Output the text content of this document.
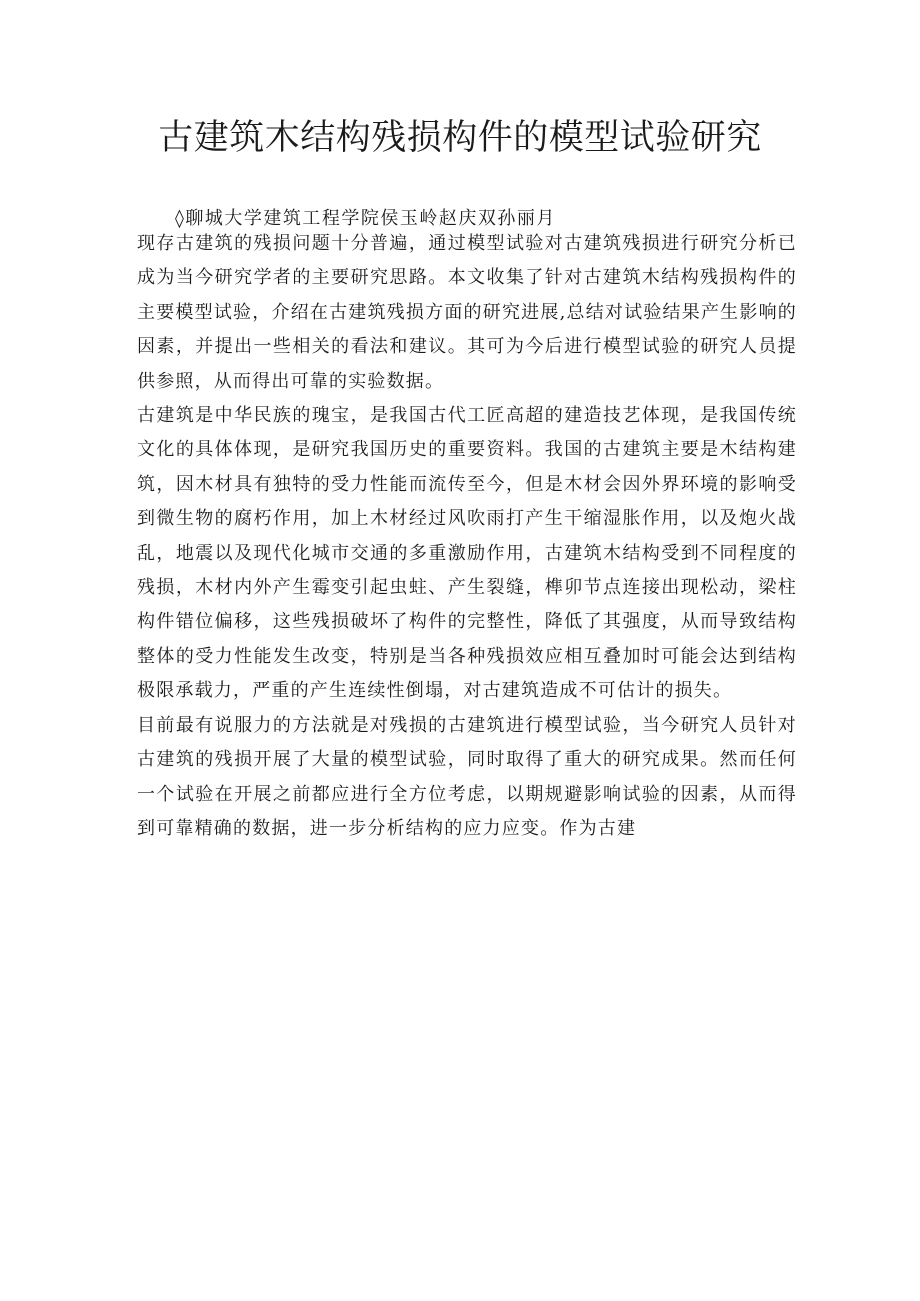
古建筑木结构残损构件的模型试验研究
◊聊城大学建筑工程学院侯玉岭赵庆双孙丽月

现存古建筑的残损问题十分普遍，通过模型试验对古建筑残损进行研究分析已成为当今研究学者的主要研究思路。本文收集了针对古建筑木结构残损构件的主要模型试验，介绍在古建筑残损方面的研究进展,总结对试验结果产生影响的因素，并提出一些相关的看法和建议。其可为今后进行模型试验的研究人员提供参照，从而得出可靠的实验数据。

古建筑是中华民族的瑰宝，是我国古代工匠高超的建造技艺体现，是我国传统文化的具体体现，是研究我国历史的重要资料。我国的古建筑主要是木结构建筑，因木材具有独特的受力性能而流传至今，但是木材会因外界环境的影响受到微生物的腐朽作用，加上木材经过风吹雨打产生干缩湿胀作用，以及炮火战乱，地震以及现代化城市交通的多重激励作用，古建筑木结构受到不同程度的残损，木材内外产生霉变引起虫蛀、产生裂缝，榫卯节点连接出现松动，梁柱构件错位偏移，这些残损破坏了构件的完整性，降低了其强度，从而导致结构整体的受力性能发生改变，特别是当各种残损效应相互叠加时可能会达到结构极限承载力，严重的产生连续性倒塌，对古建筑造成不可估计的损失。

目前最有说服力的方法就是对残损的古建筑进行模型试验，当今研究人员针对古建筑的残损开展了大量的模型试验，同时取得了重大的研究成果。然而任何一个试验在开展之前都应进行全方位考虑，以期规避影响试验的因素，从而得到可靠精确的数据，进一步分析结构的应力应变。作为古建
